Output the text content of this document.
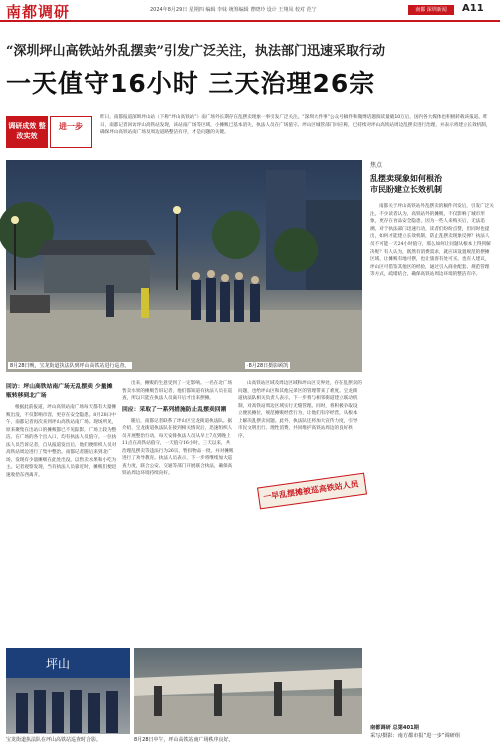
南都调研	2024年8月29日 星期四 编辑 李妹 统筹编辑 曹晓玲 设计 王翔凤 校对 范宁	南都 深圳新闻	A11
“深圳坪山高铁站外乱摆卖”引发广泛关注，执法部门迅速采取行动
一天值守16小时 三天治理26宗
调研成效 整改实效
进一步
昨日，南都报道深圳坪山站（下称“坪山高铁站”）南广场外长期存在乱摆卖现象一事引发广泛关注。“深圳大件事”公众号稿件和微博话题阅读量破10万后，国内各大媒体也积极转载该报道。昨日，南都记者回访坪山高铁站发现，该站南广场等区域，小摊贩已基本消失，执法人员在广场值守。坪山区城管部门回应称，已持续对坪山高铁站周边乱摆卖进行治理，并表示将建立长效机制，确保坪山高铁站南广场及周边道路整洁有序，才是问题的关键。
一早乱摆摊被巡高铁站人员
8月28日晚，宝龙街道执法队到坪山高铁站进行巡查。	·8月28日摄影顾凯
焦点
乱摆卖现象如何根治
市民盼建立长效机制
南都关于坪山高铁站外乱摆卖的稿件刊发后，引发广泛关注。不少读者认为，高铁站外的摊贩，不仅影响了城市形象，更存在食品安全隐患，因为一些人来购买后，无法追溯。对于执法部门迅速行动，读者们纷纷点赞，但同时也提出，如何才能建立长效机制，防止乱摆卖现象反弹？执法人员不可能一天24小时值守，那么如何让问题从根本上得到解决呢？有人认为，既然有消费需求，就应该设置规范的摆摊区域，让摊贩有地可摆，也让旅客有处可买。也有人建议，坪山区可借鉴其他区的经验，通过引入商业配套、规范管理等方式，疏堵结合，确保高铁站周边环境的整洁有序。
南都调研 总第401期
采写/摄影：南方都市报“进一步”调研组
回访：坪山高铁站南广场无乱摆卖 少量摊贩转移到北广场

根据此前报道，坪山高铁站南广场每天都有大量摊贩出没，不仅影响市容，更存在安全隐患。8月28日中午，南都记者再次来到坪山高铁站南广场。现场所见，原来聚集在出站口的摊贩都已不见踪影，广场上较为整洁。在广场的各个出入口，均有执法人员值守。一位执法人员告诉记者，自从报道发出后，他们便组织人员对高铁站周边进行了集中整治。南都记者随后来到北广场，发现有少量摊贩在此处出没，以售卖水果和小吃为主。记者观察发现，当有执法人员靠近时，摊贩们便迅速收拾东西离开。

出来，摊贩的生意受到了一定影响。一名在北广场售卖水果的摊贩告诉记者，他们都知道有执法人员在巡查，所以只能在执法人员离开后才出来摆摊。

回应：采取了一系列措施防止乱摆卖回潮

随后，南都记者联系了坪山区宝龙街道执法队。据介绍，宝龙街道执法队在接到相关情况后，迅速组织人员开展整治行动，每天安排执法人员从早上7点到晚上11点在高铁站值守，一天值守16小时。三天以来，共治理乱摆卖等违法行为26宗，暂扣物品一批，并对摊贩进行了劝导教育。执法人员表示，下一步将继续加大巡查力度，联合公安、交通等部门开展联合执法，确保高铁站周边环境持续向好。

山高铁站区域及周边区域和坪山区交界处，存在乱摆卖的问题，也给坪山区和其他兄弟区的管理带来了难度。宝龙街道执法队相关负责人表示，下一步将与相邻街道建立联动机制，对高铁站周边区域实行无缝管理。同时，将积极争取设立便民摊位，规范摊贩经营行为，让他们有序经营，从根本上解决乱摆卖问题。此外，执法队还将加大宣传力度，引导市民文明出行、理性消费，共同维护高铁站周边的良好秩序。

坪山
宝龙街道执法队在坪山高铁站巡查时合影。	8月28日中午，坪山高铁站南广场秩序良好。
